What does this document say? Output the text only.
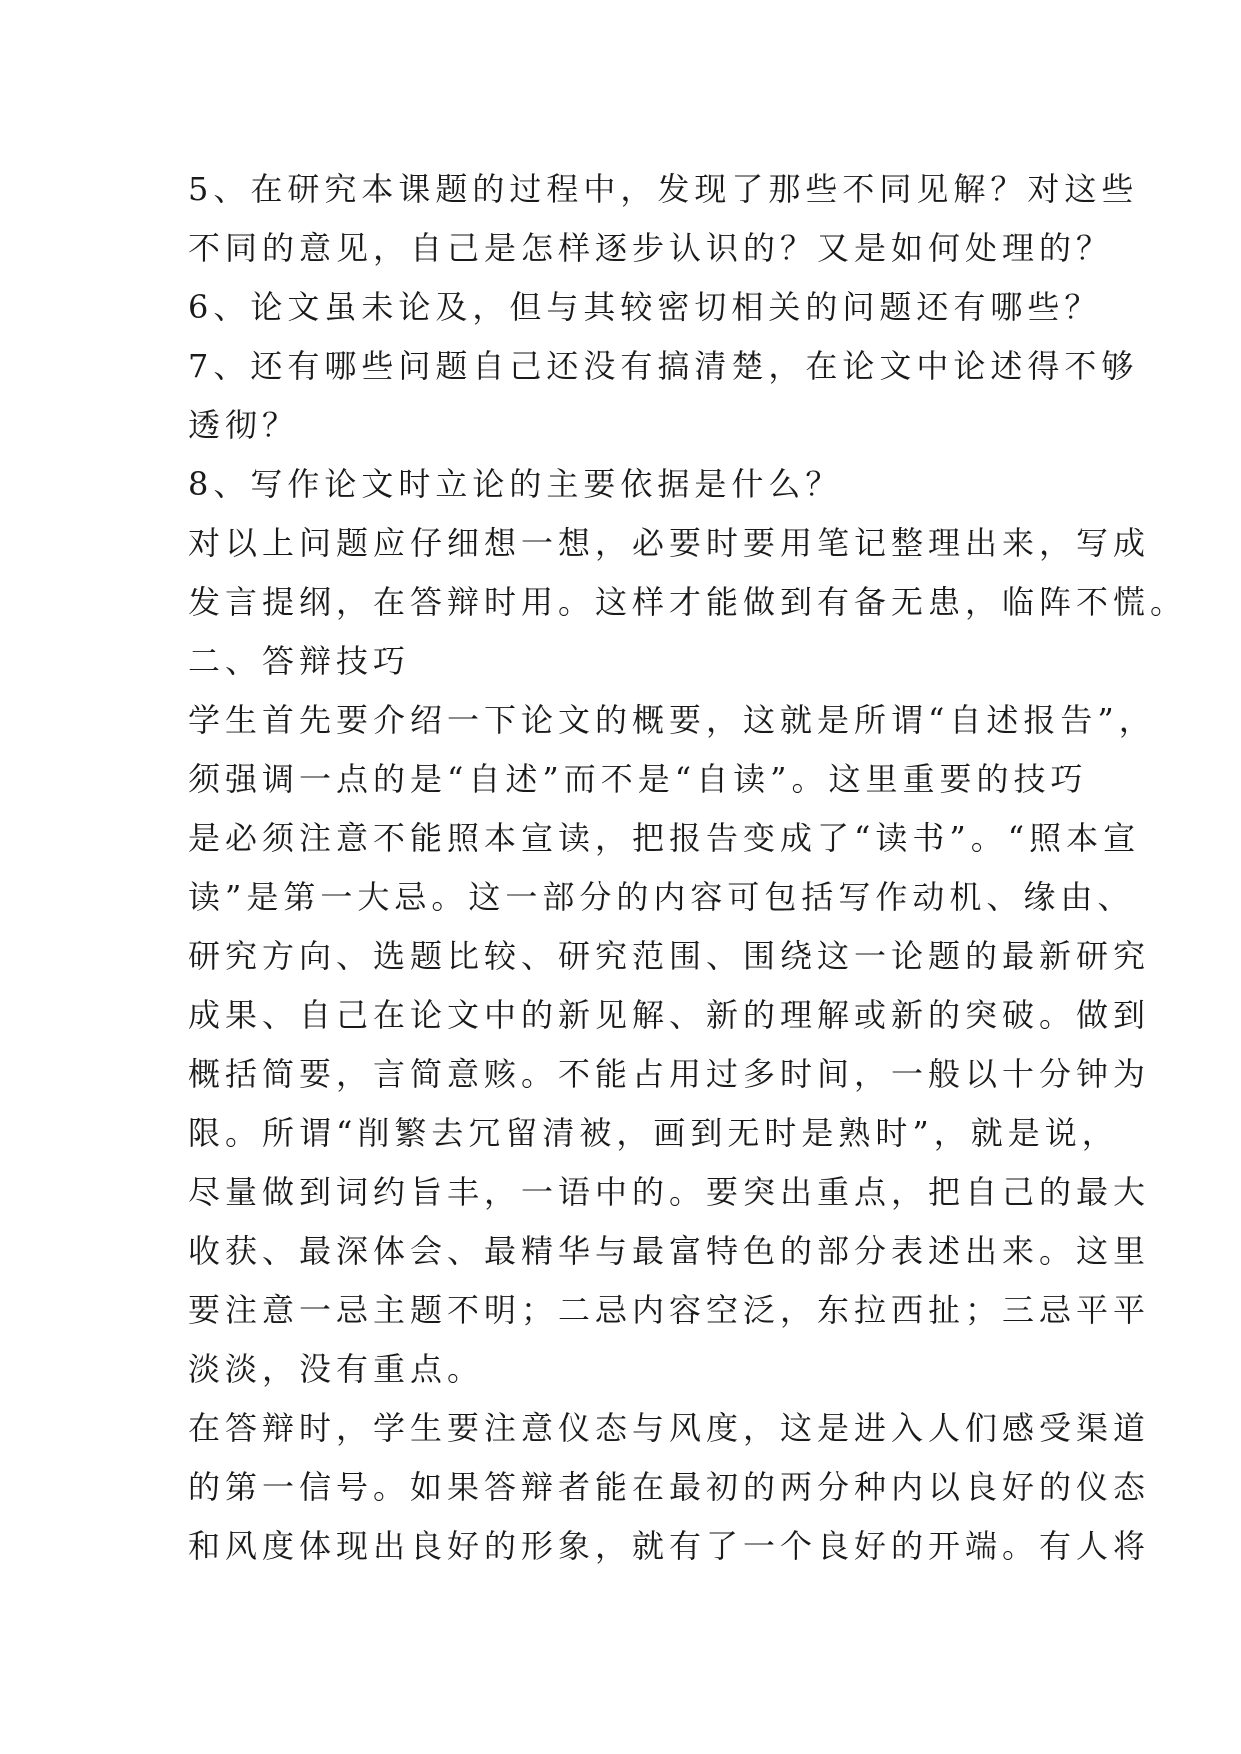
5、在研究本课题的过程中，发现了那些不同见解？对这些
不同的意见，自己是怎样逐步认识的？又是如何处理的？
6、论文虽未论及，但与其较密切相关的问题还有哪些？
7、还有哪些问题自己还没有搞清楚，在论文中论述得不够
透彻？
8、写作论文时立论的主要依据是什么？
对以上问题应仔细想一想，必要时要用笔记整理出来，写成
发言提纲，在答辩时用。这样才能做到有备无患，临阵不慌。
二、答辩技巧
学生首先要介绍一下论文的概要，这就是所谓“自述报告”，
须强调一点的是“自述”而不是“自读”。这里重要的技巧
是必须注意不能照本宣读，把报告变成了“读书”。“照本宣
读”是第一大忌。这一部分的内容可包括写作动机、缘由、
研究方向、选题比较、研究范围、围绕这一论题的最新研究
成果、自己在论文中的新见解、新的理解或新的突破。做到
概括简要，言简意赅。不能占用过多时间，一般以十分钟为
限。所谓“削繁去冗留清被，画到无时是熟时”，就是说，
尽量做到词约旨丰，一语中的。要突出重点，把自己的最大
收获、最深体会、最精华与最富特色的部分表述出来。这里
要注意一忌主题不明；二忌内容空泛，东拉西扯；三忌平平
淡淡，没有重点。
在答辩时，学生要注意仪态与风度，这是进入人们感受渠道
的第一信号。如果答辩者能在最初的两分种内以良好的仪态
和风度体现出良好的形象，就有了一个良好的开端。有人将
